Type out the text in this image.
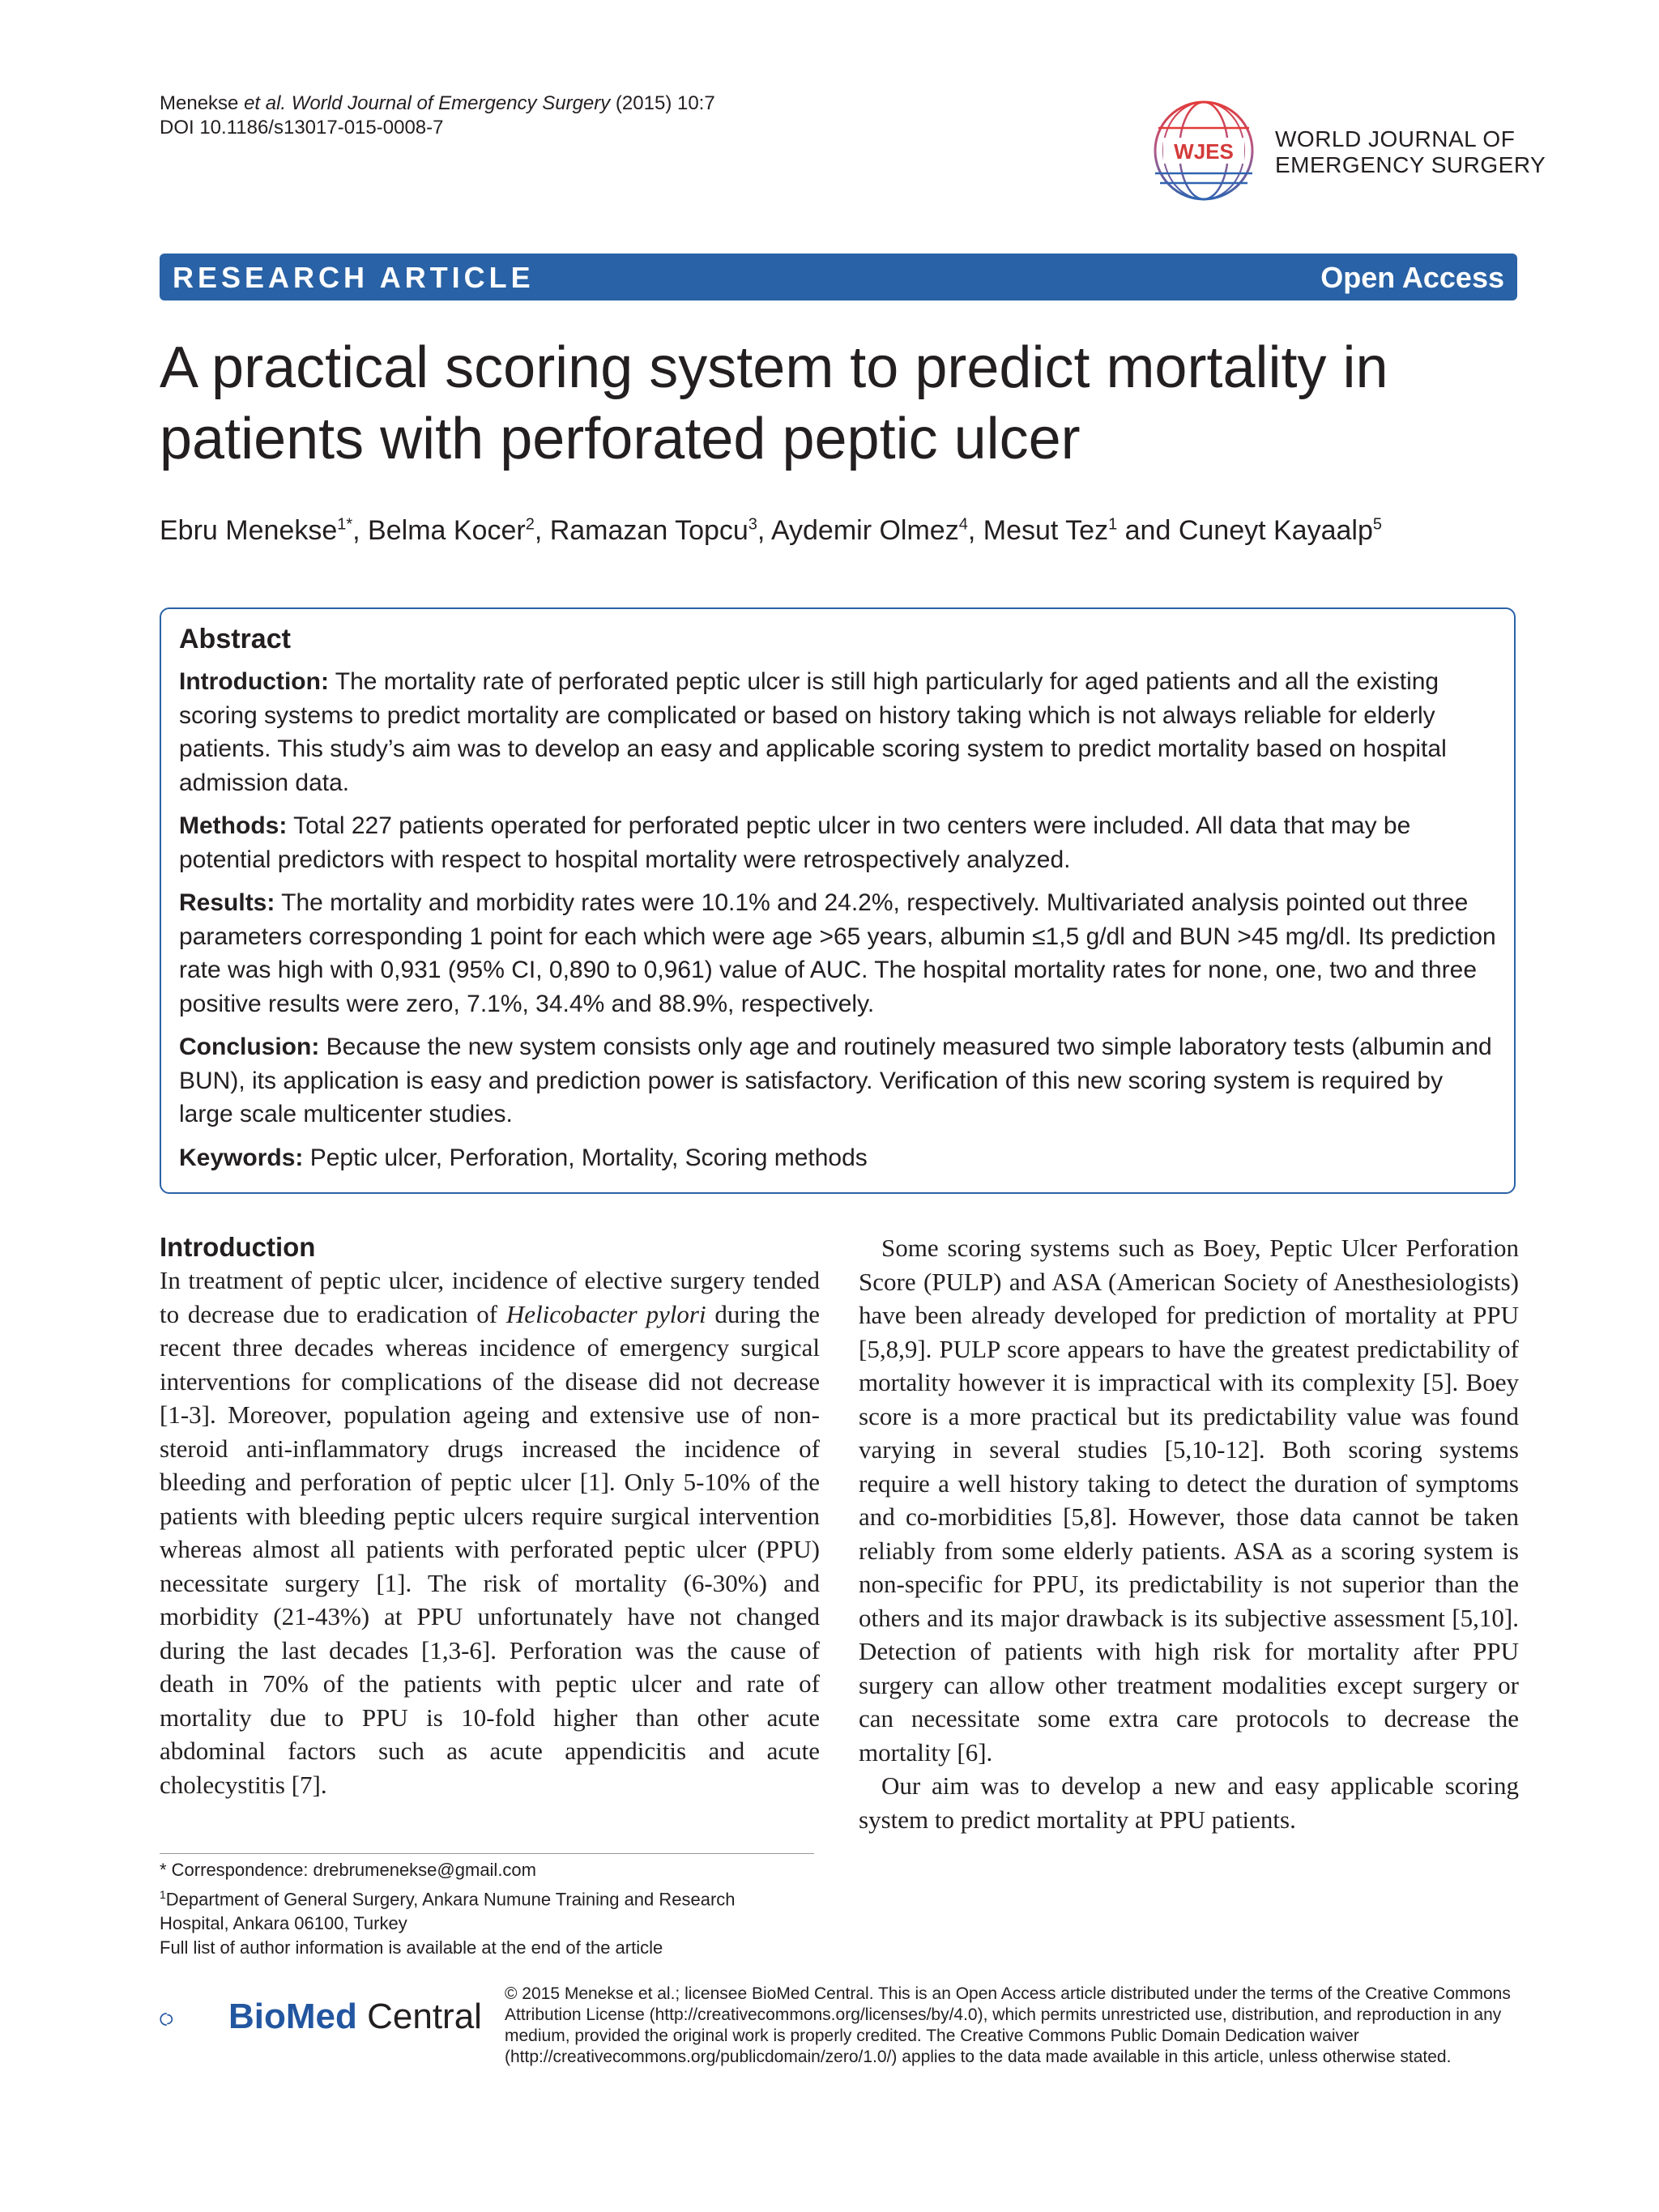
Menekse et al. World Journal of Emergency Surgery (2015) 10:7
DOI 10.1186/s13017-015-0008-7
WJES WORLD JOURNAL OF
EMERGENCY SURGERY
RESEARCH ARTICLE	Open Access
A practical scoring system to predict mortality in
patients with perforated peptic ulcer
Ebru Menekse$^{1*}$, Belma Kocer$^2$, Ramazan Topcu$^3$, Aydemir Olmez$^4$, Mesut Tez$^1$ and Cuneyt Kayaalp$^5$
Abstract

Introduction: The mortality rate of perforated peptic ulcer is still high particularly for aged patients and all the existing scoring systems to predict mortality are complicated or based on history taking which is not always reliable for elderly patients. This study’s aim was to develop an easy and applicable scoring system to predict mortality based on hospital admission data.

Methods: Total 227 patients operated for perforated peptic ulcer in two centers were included. All data that may be potential predictors with respect to hospital mortality were retrospectively analyzed.

Results: The mortality and morbidity rates were 10.1% and 24.2%, respectively. Multivariated analysis pointed out three parameters corresponding 1 point for each which were age >65 years, albumin ≤1,5 g/dl and BUN >45 mg/dl. Its prediction rate was high with 0,931 (95% CI, 0,890 to 0,961) value of AUC. The hospital mortality rates for none, one, two and three positive results were zero, 7.1%, 34.4% and 88.9%, respectively.

Conclusion: Because the new system consists only age and routinely measured two simple laboratory tests (albumin and BUN), its application is easy and prediction power is satisfactory. Verification of this new scoring system is required by large scale multicenter studies.

Keywords: Peptic ulcer, Perforation, Mortality, Scoring methods

Introduction

In treatment of peptic ulcer, incidence of elective surgery tended to decrease due to eradication of Helicobacter pylori during the recent three decades whereas incidence of emergency surgical interventions for complications of the disease did not decrease [1-3]. Moreover, population ageing and extensive use of non-steroid anti-inflammatory drugs increased the incidence of bleeding and perforation of peptic ulcer [1]. Only 5-10% of the patients with bleeding peptic ulcers require surgical intervention whereas almost all patients with perforated peptic ulcer (PPU) necessitate surgery [1]. The risk of mortality (6-30%) and morbidity (21-43%) at PPU unfortunately have not changed during the last decades [1,3-6]. Perforation was the cause of death in 70% of the patients with peptic ulcer and rate of mortality due to PPU is 10-fold higher than other acute abdominal factors such as acute appendicitis and acute cholecystitis [7].

Some scoring systems such as Boey, Peptic Ulcer Perforation Score (PULP) and ASA (American Society of Anesthesiologists) have been already developed for prediction of mortality at PPU [5,8,9]. PULP score appears to have the greatest predictability of mortality however it is impractical with its complexity [5]. Boey score is a more practical but its predictability value was found varying in several studies [5,10-12]. Both scoring systems require a well history taking to detect the duration of symptoms and co-morbidities [5,8]. However, those data cannot be taken reliably from some elderly patients. ASA as a scoring system is non-specific for PPU, its predictability is not superior than the others and its major drawback is its subjective assessment [5,10]. Detection of patients with high risk for mortality after PPU surgery can allow other treatment modalities except surgery or can necessitate some extra care protocols to decrease the mortality [6].

Our aim was to develop a new and easy applicable scoring system to predict mortality at PPU patients.

* Correspondence: drebrumenekse@gmail.com
$^1$Department of General Surgery, Ankara Numune Training and Research
Hospital, Ankara 06100, Turkey
Full list of author information is available at the end of the article
BioMed Central
© 2015 Menekse et al.; licensee BioMed Central. This is an Open Access article distributed under the terms of the Creative Commons Attribution License (http://creativecommons.org/licenses/by/4.0), which permits unrestricted use, distribution, and reproduction in any medium, provided the original work is properly credited. The Creative Commons Public Domain Dedication waiver (http://creativecommons.org/publicdomain/zero/1.0/) applies to the data made available in this article, unless otherwise stated.
